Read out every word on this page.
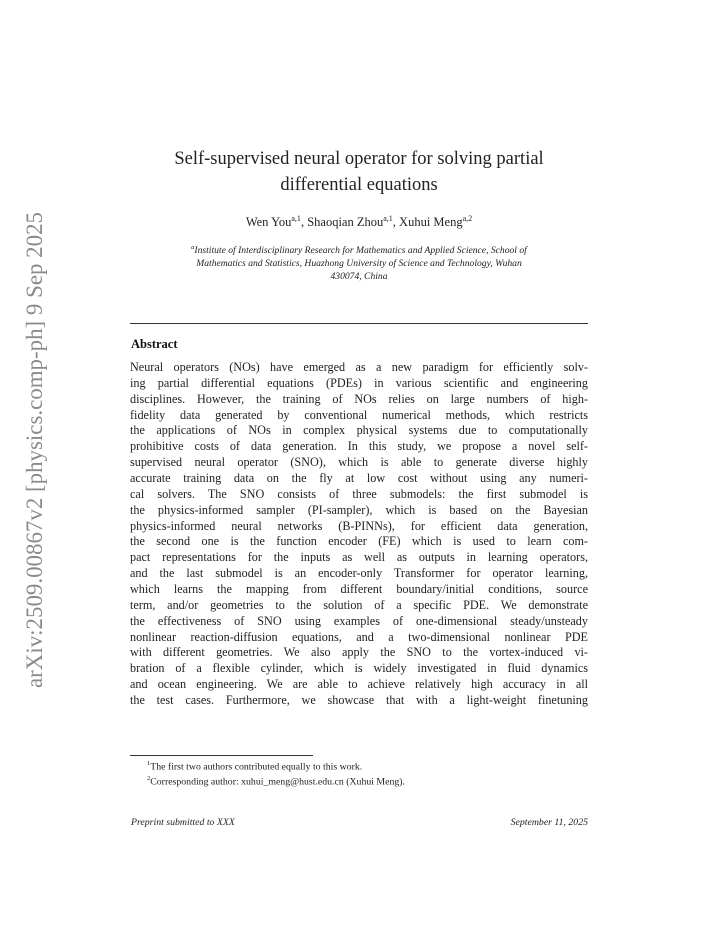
arXiv:2509.00867v2 [physics.comp-ph] 9 Sep 2025
Self-supervised neural operator for solving partial
differential equations
Wen You$^{a,1}$, Shaoqian Zhou$^{a,1}$, Xuhui Meng$^{a,2}$
$^a$Institute of Interdisciplinary Research for Mathematics and Applied Science, School of
Mathematics and Statistics, Huazhong University of Science and Technology, Wuhan
430074, China
Abstract
Neural operators (NOs) have emerged as a new paradigm for efficiently solv-
ing partial differential equations (PDEs) in various scientific and engineering
disciplines. However, the training of NOs relies on large numbers of high-
fidelity data generated by conventional numerical methods, which restricts
the applications of NOs in complex physical systems due to computationally
prohibitive costs of data generation. In this study, we propose a novel self-
supervised neural operator (SNO), which is able to generate diverse highly
accurate training data on the fly at low cost without using any numeri-
cal solvers. The SNO consists of three submodels: the first submodel is
the physics-informed sampler (PI-sampler), which is based on the Bayesian
physics-informed neural networks (B-PINNs), for efficient data generation,
the second one is the function encoder (FE) which is used to learn com-
pact representations for the inputs as well as outputs in learning operators,
and the last submodel is an encoder-only Transformer for operator learning,
which learns the mapping from different boundary/initial conditions, source
term, and/or geometries to the solution of a specific PDE. We demonstrate
the effectiveness of SNO using examples of one-dimensional steady/unsteady
nonlinear reaction-diffusion equations, and a two-dimensional nonlinear PDE
with different geometries. We also apply the SNO to the vortex-induced vi-
bration of a flexible cylinder, which is widely investigated in fluid dynamics
and ocean engineering. We are able to achieve relatively high accuracy in all
the test cases. Furthermore, we showcase that with a light-weight finetuning
$^1$The first two authors contributed equally to this work.
$^2$Corresponding author: xuhui_meng@hust.edu.cn (Xuhui Meng).
Preprint submitted to XXX	September 11, 2025
